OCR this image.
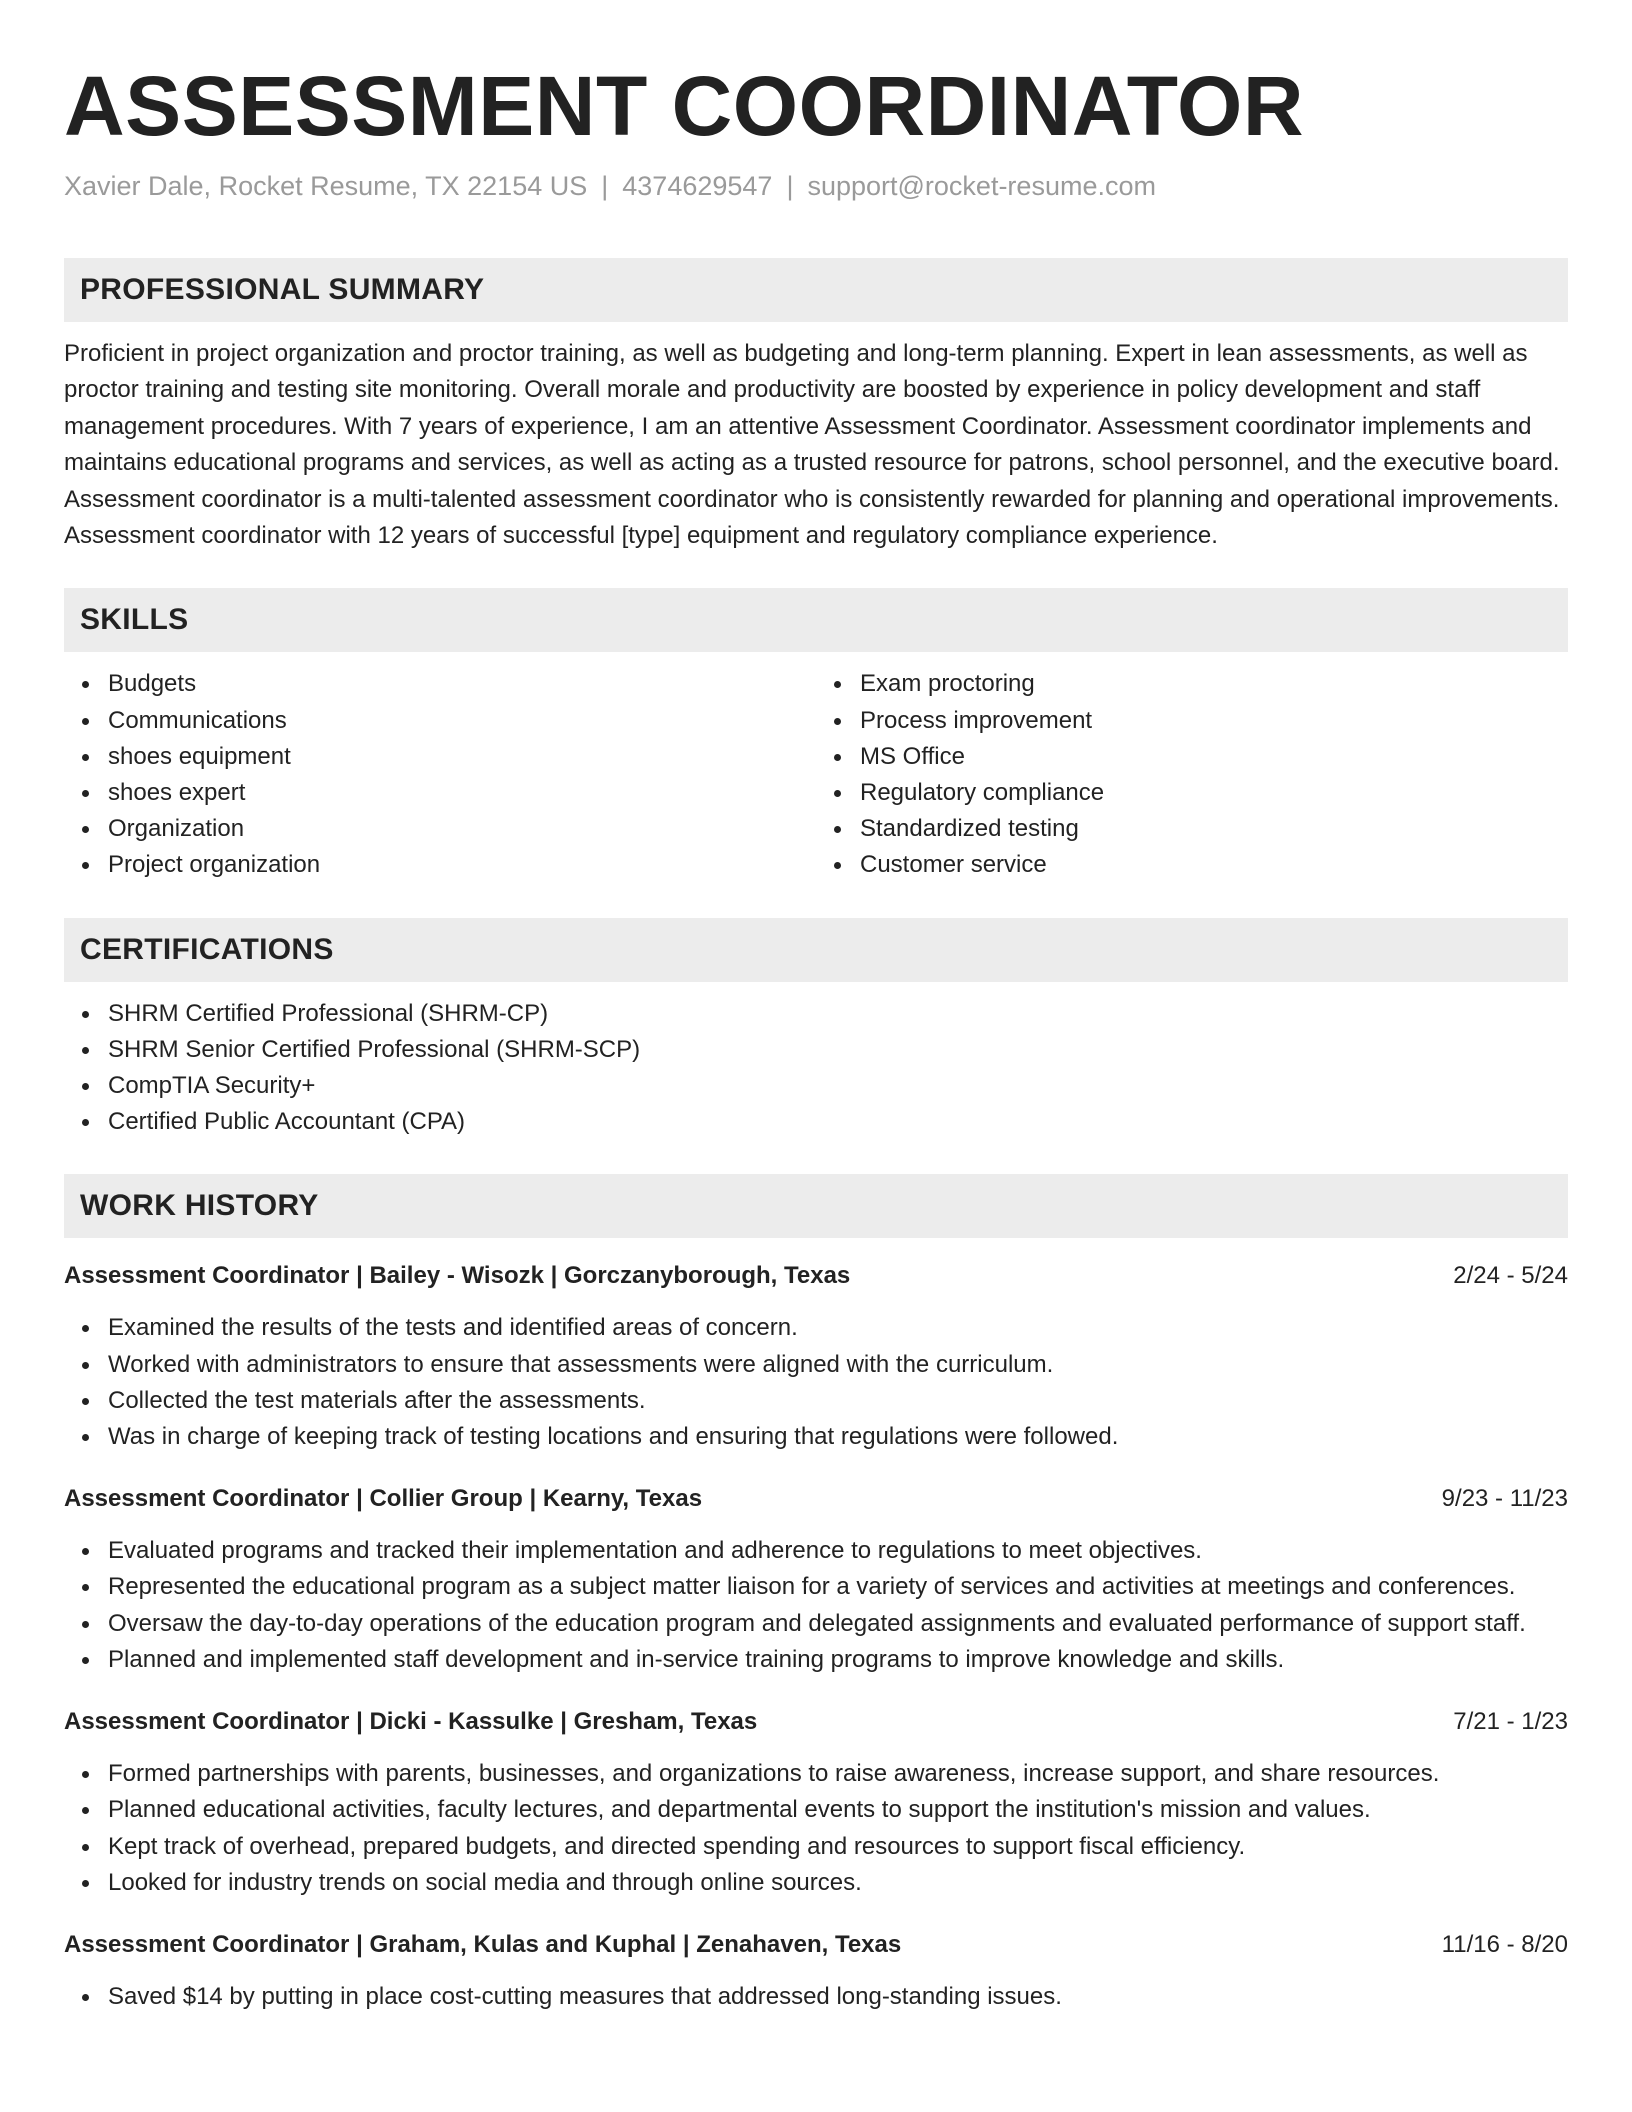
ASSESSMENT COORDINATOR
Xavier Dale, Rocket Resume, TX 22154 US | 4374629547 | support@rocket-resume.com
PROFESSIONAL SUMMARY
Proficient in project organization and proctor training, as well as budgeting and long-term planning. Expert in lean assessments, as well as proctor training and testing site monitoring. Overall morale and productivity are boosted by experience in policy development and staff management procedures. With 7 years of experience, I am an attentive Assessment Coordinator. Assessment coordinator implements and maintains educational programs and services, as well as acting as a trusted resource for patrons, school personnel, and the executive board. Assessment coordinator is a multi-talented assessment coordinator who is consistently rewarded for planning and operational improvements. Assessment coordinator with 12 years of successful [type] equipment and regulatory compliance experience.
SKILLS
Budgets
Communications
shoes equipment
shoes expert
Organization
Project organization
Exam proctoring
Process improvement
MS Office
Regulatory compliance
Standardized testing
Customer service
CERTIFICATIONS
SHRM Certified Professional (SHRM-CP)
SHRM Senior Certified Professional (SHRM-SCP)
CompTIA Security+
Certified Public Accountant (CPA)
WORK HISTORY
Assessment Coordinator | Bailey - Wisozk | Gorczanyborough, Texas	2/24 - 5/24
Examined the results of the tests and identified areas of concern.
Worked with administrators to ensure that assessments were aligned with the curriculum.
Collected the test materials after the assessments.
Was in charge of keeping track of testing locations and ensuring that regulations were followed.
Assessment Coordinator | Collier Group | Kearny, Texas	9/23 - 11/23
Evaluated programs and tracked their implementation and adherence to regulations to meet objectives.
Represented the educational program as a subject matter liaison for a variety of services and activities at meetings and conferences.
Oversaw the day-to-day operations of the education program and delegated assignments and evaluated performance of support staff.
Planned and implemented staff development and in-service training programs to improve knowledge and skills.
Assessment Coordinator | Dicki - Kassulke | Gresham, Texas	7/21 - 1/23
Formed partnerships with parents, businesses, and organizations to raise awareness, increase support, and share resources.
Planned educational activities, faculty lectures, and departmental events to support the institution's mission and values.
Kept track of overhead, prepared budgets, and directed spending and resources to support fiscal efficiency.
Looked for industry trends on social media and through online sources.
Assessment Coordinator | Graham, Kulas and Kuphal | Zenahaven, Texas	11/16 - 8/20
Saved $14 by putting in place cost-cutting measures that addressed long-standing issues.
